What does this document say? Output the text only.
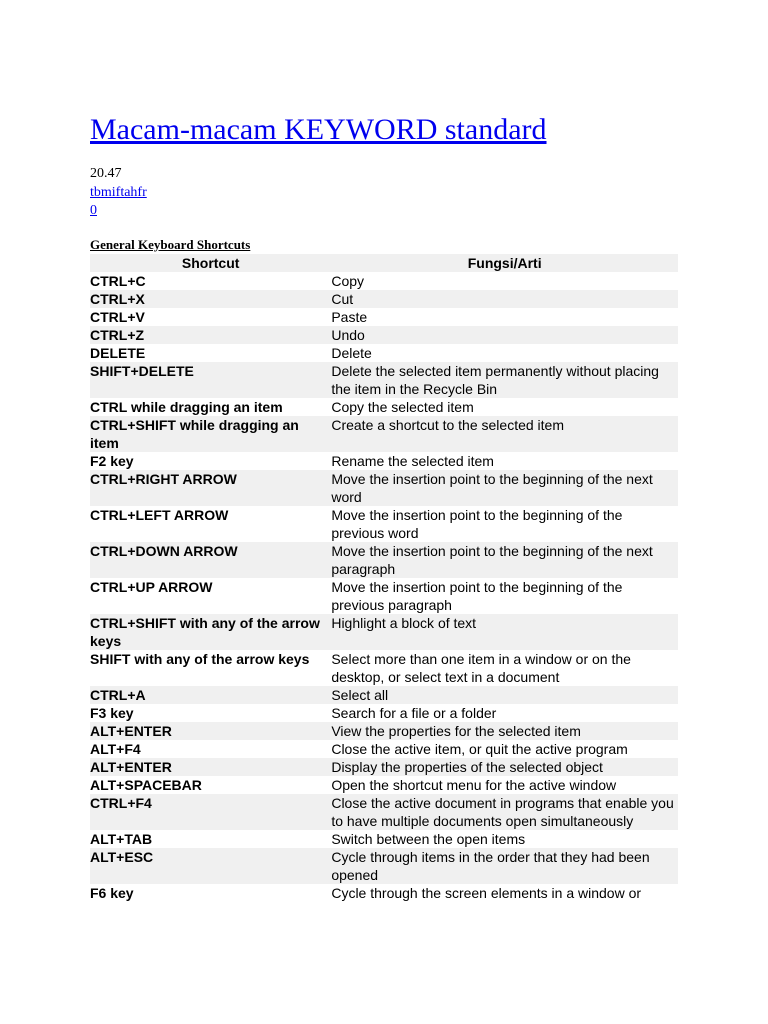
Macam-macam KEYWORD standard
20.47
tbmiftahfr
0
General Keyboard Shortcuts
Shortcut	Fungsi/Arti
CTRL+C	Copy
CTRL+X	Cut
CTRL+V	Paste
CTRL+Z	Undo
DELETE	Delete
SHIFT+DELETE	Delete the selected item permanently without placing the item in the Recycle Bin
CTRL while dragging an item	Copy the selected item
CTRL+SHIFT while dragging an item	Create a shortcut to the selected item
F2 key	Rename the selected item
CTRL+RIGHT ARROW	Move the insertion point to the beginning of the next word
CTRL+LEFT ARROW	Move the insertion point to the beginning of the previous word
CTRL+DOWN ARROW	Move the insertion point to the beginning of the next paragraph
CTRL+UP ARROW	Move the insertion point to the beginning of the previous paragraph
CTRL+SHIFT with any of the arrow keys	Highlight a block of text
SHIFT with any of the arrow keys	Select more than one item in a window or on the desktop, or select text in a document
CTRL+A	Select all
F3 key	Search for a file or a folder
ALT+ENTER	View the properties for the selected item
ALT+F4	Close the active item, or quit the active program
ALT+ENTER	Display the properties of the selected object
ALT+SPACEBAR	Open the shortcut menu for the active window
CTRL+F4	Close the active document in programs that enable you to have multiple documents open simultaneously
ALT+TAB	Switch between the open items
ALT+ESC	Cycle through items in the order that they had been opened
F6 key	Cycle through the screen elements in a window or
